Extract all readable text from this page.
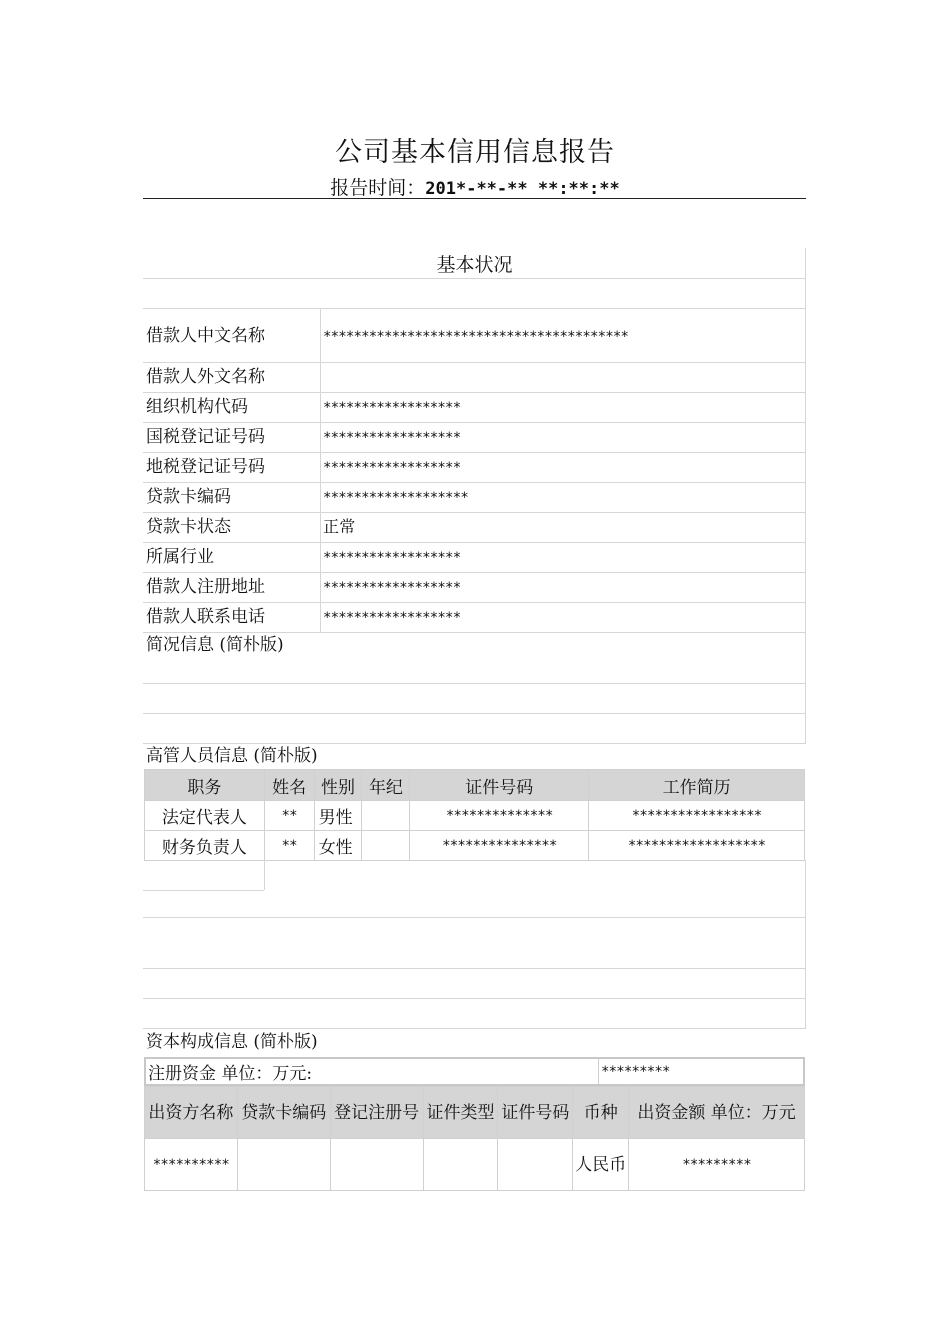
公司基本信用信息报告
报告时间：201*-**-** **:**:**
基本状况
借款人中文名称	****************************************
借款人外文名称
组织机构代码	******************
国税登记证号码	******************
地税登记证号码	******************
贷款卡编码	*******************
贷款卡状态	正常
所属行业	******************
借款人注册地址	******************
借款人联系电话	******************
简况信息 (简朴版)
高管人员信息 (简朴版)
职务	姓名	性别	年纪	证件号码	工作简历
法定代表人	**	男性		**************	*****************
财务负责人	**	女性		***************	******************
资本构成信息 (简朴版)
注册资金 单位：万元:	*********
出资方名称	贷款卡编码	登记注册号	证件类型	证件号码	币种	出资金额 单位：万元
**********					人民币	*********
